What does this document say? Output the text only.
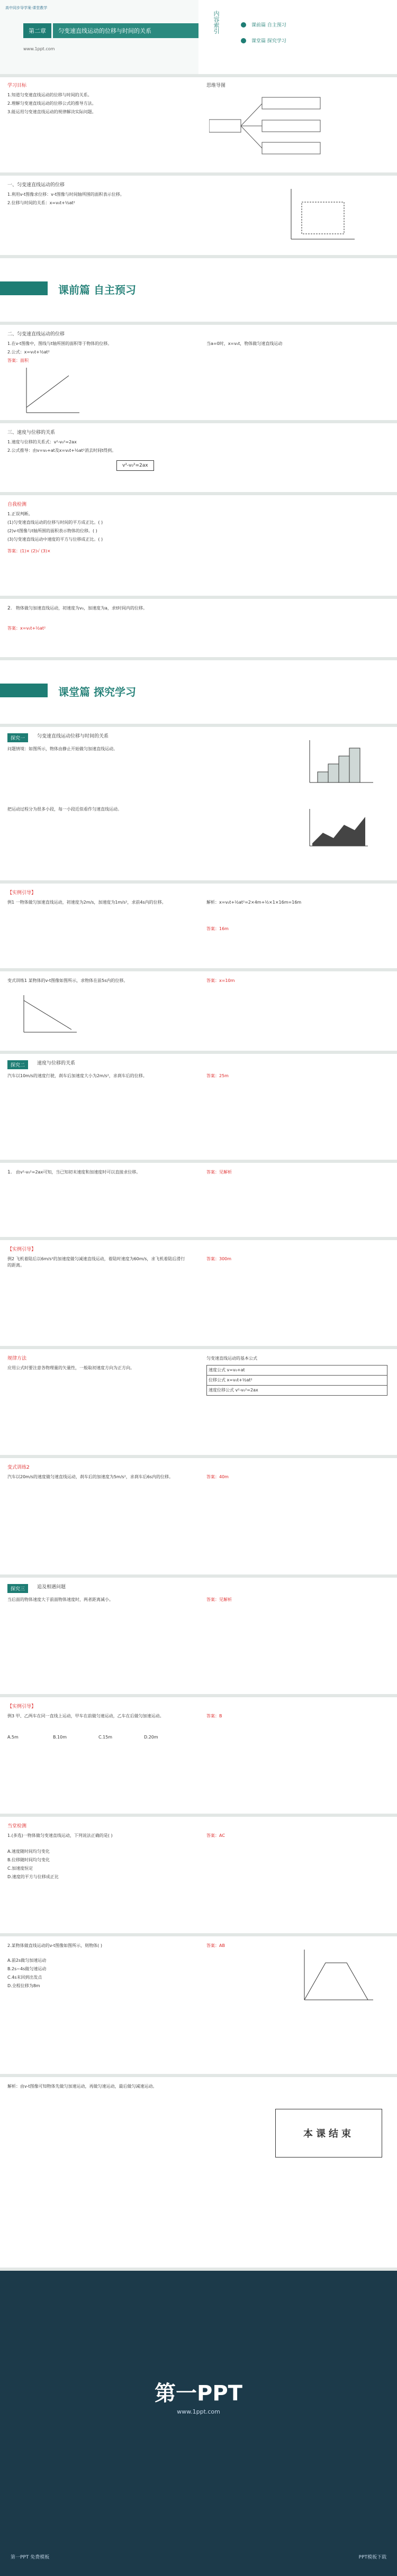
高中同步导学案·课堂教学
第二章	匀变速直线运动的位移与时间的关系
www.1ppt.com
内容索引	课前篇 自主预习
课堂篇 探究学习
学习目标
1.知道匀变速直线运动的位移与时间的关系。
2.理解匀变速直线运动的位移公式的推导方法。
3.能运用匀变速直线运动的规律解决实际问题。
思维导图
一、匀变速直线运动的位移
1.利用v-t图像求位移：v-t图像与时间轴所围的面积表示位移。
2.位移与时间的关系：x=v₀t+½at²
课前篇 自主预习
二、匀变速直线运动的位移
1.在v-t图像中，图线与t轴所围的面积等于物体的位移。
2.公式：x=v₀t+½at²
答案：面积
当a=0时，x=v₀t，物体做匀速直线运动
三、速度与位移的关系
1.速度与位移的关系式：v²-v₀²=2ax
2.公式推导：由v=v₀+at及x=v₀t+½at²消去时间t得到。
v²-v₀²=2ax
自我检测
1.正误判断。
(1)匀变速直线运动的位移与时间的平方成正比。( )
(2)v-t图像与t轴所围的面积表示物体的位移。( )
(3)匀变速直线运动中速度的平方与位移成正比。( )
答案：(1)× (2)√ (3)×
2. 物体做匀加速直线运动，初速度为v₀，加速度为a，求t时间内的位移。
答案：x=v₀t+½at²
课堂篇 探究学习
探究一	匀变速直线运动位移与时间的关系
问题情境：如图所示，物体由静止开始做匀加速直线运动。
把运动过程分为很多小段，每一小段近似看作匀速直线运动。
【实例引导】
例1 一物体做匀加速直线运动，初速度为2m/s，加速度为1m/s²，求前4s内的位移。	解析：x=v₀t+½at²=2×4m+½×1×16m=16m
答案：16m
变式训练1 某物体的v-t图像如图所示，求物体在前5s内的位移。	答案：x=10m
探究二	速度与位移的关系
汽车以10m/s的速度行驶，刹车后加速度大小为2m/s²，求刹车后的位移。	答案：25m
1. 由v²-v₀²=2ax可知，当已知初末速度和加速度时可以直接求位移。	答案：见解析
【实例引导】
例2 飞机着陆后以6m/s²的加速度做匀减速直线运动，着陆时速度为60m/s，求飞机着陆后滑行的距离。
答案：300m
规律方法
应用公式时要注意各物理量的矢量性，一般取初速度方向为正方向。
匀变速直线运动的基本公式
速度公式 v=v₀+at
位移公式 x=v₀t+½at²
速度位移公式 v²-v₀²=2ax
变式训练2
汽车以20m/s的速度做匀速直线运动，刹车后的加速度为5m/s²，求刹车后6s内的位移。	答案：40m
探究三	追及相遇问题
当后面的物体速度大于前面物体速度时，两者距离减小。	答案：见解析
【实例引导】
例3 甲、乙两车在同一直线上运动，甲车在前做匀速运动，乙车在后做匀加速运动。
A.5m	B.10m	C.15m	D.20m
答案：B
当堂检测
1.(多选)一物体做匀变速直线运动，下列说法正确的是( )
A.速度随时间均匀变化
B.位移随时间均匀变化
C.加速度恒定
D.速度的平方与位移成正比
答案：AC
2.某物体做直线运动的v-t图像如图所示，则物体( )
A.前2s做匀加速运动
B.2s~4s做匀速运动
C.4s末回到出发点
D.全程位移为8m
答案：AB
解析：由v-t图像可知物体先做匀加速运动，再做匀速运动，最后做匀减速运动。
本课结束
第一PPT
www.1ppt.com
第一PPT 免费模板	PPT模板下载
